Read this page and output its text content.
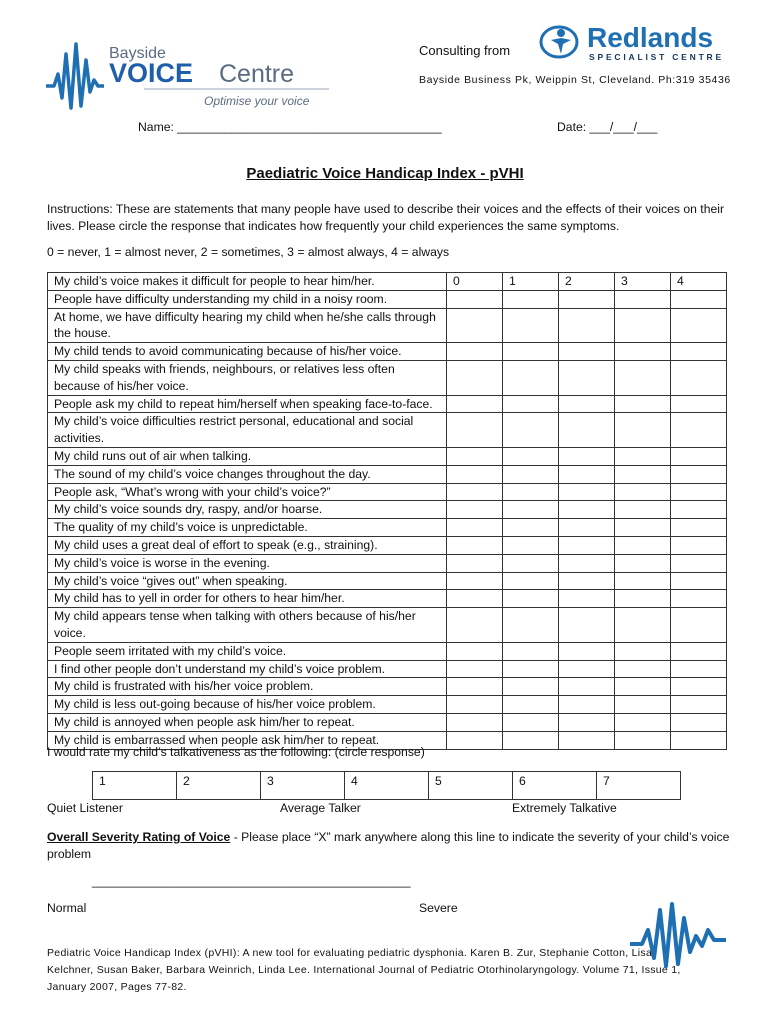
Bayside
VOICE Centre
Optimise your voice
Consulting from	Redlands
SPECIALIST CENTRE
Bayside Business Pk, Weippin St, Cleveland. Ph:319 35436
Name: _______________________________________	Date: ___/___/___
Paediatric Voice Handicap Index - pVHI
Instructions: These are statements that many people have used to describe their voices and the effects of their voices on their lives. Please circle the response that indicates how frequently your child experiences the same symptoms.
0 = never, 1 = almost never, 2 = sometimes, 3 = almost always, 4 = always
My child’s voice makes it difficult for people to hear him/her.	0	1	2	3	4
People have difficulty understanding my child in a noisy room.					
At home, we have difficulty hearing my child when he/she calls through the house.					
My child tends to avoid communicating because of his/her voice.					
My child speaks with friends, neighbours, or relatives less often because of his/her voice.					
People ask my child to repeat him/herself when speaking face-to-face.					
My child’s voice difficulties restrict personal, educational and social activities.					
My child runs out of air when talking.					
The sound of my child’s voice changes throughout the day.					
People ask, “What’s wrong with your child’s voice?”					
My child’s voice sounds dry, raspy, and/or hoarse.					
The quality of my child’s voice is unpredictable.					
My child uses a great deal of effort to speak (e.g., straining).					
My child’s voice is worse in the evening.					
My child’s voice “gives out” when speaking.					
My child has to yell in order for others to hear him/her.					
My child appears tense when talking with others because of his/her voice.					
People seem irritated with my child’s voice.					
I find other people don’t understand my child’s voice problem.					
My child is frustrated with his/her voice problem.					
My child is less out-going because of his/her voice problem.					
My child is annoyed when people ask him/her to repeat.					
My child is embarrassed when people ask him/her to repeat.					
I would rate my child’s talkativeness as the following: (circle response)
1	2	3	4	5	6	7
Quiet Listener	Average Talker	Extremely Talkative
Overall Severity Rating of Voice - Please place “X” mark anywhere along this line to indicate the severity of your child’s voice problem
_______________________________________________
Normal	Severe
Pediatric Voice Handicap Index (pVHI): A new tool for evaluating pediatric dysphonia. Karen B. Zur, Stephanie Cotton, Lisa Kelchner, Susan Baker, Barbara Weinrich, Linda Lee. International Journal of Pediatric Otorhinolaryngology. Volume 71, Issue 1, January 2007, Pages 77-82.
